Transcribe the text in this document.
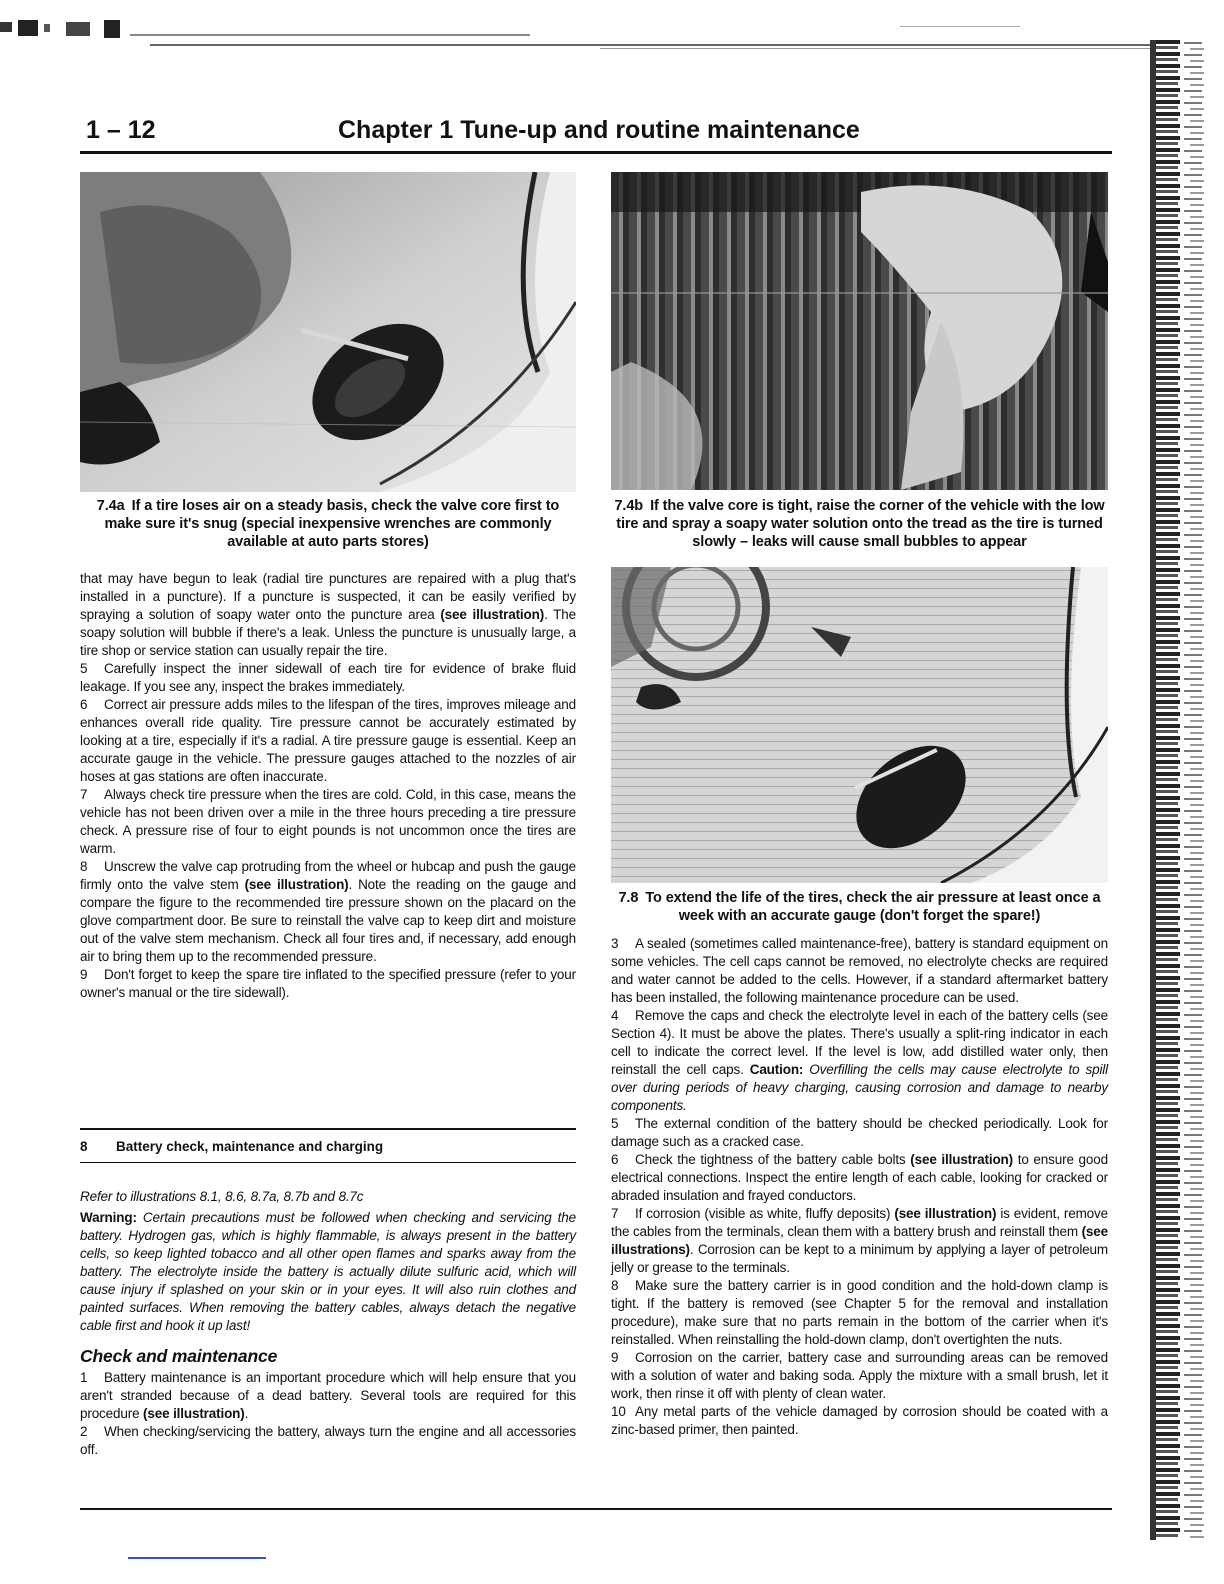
1 – 12	Chapter 1 Tune-up and routine maintenance
7.4a If a tire loses air on a steady basis, check the valve core first to make sure it's snug (special inexpensive wrenches are commonly available at auto parts stores)
7.4b If the valve core is tight, raise the corner of the vehicle with the low tire and spray a soapy water solution onto the tread as the tire is turned slowly – leaks will cause small bubbles to appear
7.8 To extend the life of the tires, check the air pressure at least once a week with an accurate gauge (don't forget the spare!)

that may have begun to leak (radial tire punctures are repaired with a plug that's installed in a puncture). If a puncture is suspected, it can be easily verified by spraying a solution of soapy water onto the puncture area (see illustration). The soapy solution will bubble if there's a leak. Unless the puncture is unusually large, a tire shop or service station can usually repair the tire.

5 Carefully inspect the inner sidewall of each tire for evidence of brake fluid leakage. If you see any, inspect the brakes immediately.

6 Correct air pressure adds miles to the lifespan of the tires, improves mileage and enhances overall ride quality. Tire pressure cannot be accurately estimated by looking at a tire, especially if it's a radial. A tire pressure gauge is essential. Keep an accurate gauge in the vehicle. The pressure gauges attached to the nozzles of air hoses at gas stations are often inaccurate.

7 Always check tire pressure when the tires are cold. Cold, in this case, means the vehicle has not been driven over a mile in the three hours preceding a tire pressure check. A pressure rise of four to eight pounds is not uncommon once the tires are warm.

8 Unscrew the valve cap protruding from the wheel or hubcap and push the gauge firmly onto the valve stem (see illustration). Note the reading on the gauge and compare the figure to the recommended tire pressure shown on the placard on the glove compartment door. Be sure to reinstall the valve cap to keep dirt and moisture out of the valve stem mechanism. Check all four tires and, if necessary, add enough air to bring them up to the recommended pressure.

9 Don't forget to keep the spare tire inflated to the specified pressure (refer to your owner's manual or the tire sidewall).

8 Battery check, maintenance and charging

Refer to illustrations 8.1, 8.6, 8.7a, 8.7b and 8.7c

Warning: Certain precautions must be followed when checking and servicing the battery. Hydrogen gas, which is highly flammable, is always present in the battery cells, so keep lighted tobacco and all other open flames and sparks away from the battery. The electrolyte inside the battery is actually dilute sulfuric acid, which will cause injury if splashed on your skin or in your eyes. It will also ruin clothes and painted surfaces. When removing the battery cables, always detach the negative cable first and hook it up last!

Check and maintenance

1 Battery maintenance is an important procedure which will help ensure that you aren't stranded because of a dead battery. Several tools are required for this procedure (see illustration).

2 When checking/servicing the battery, always turn the engine and all accessories off.

3 A sealed (sometimes called maintenance-free), battery is standard equipment on some vehicles. The cell caps cannot be removed, no electrolyte checks are required and water cannot be added to the cells. However, if a standard aftermarket battery has been installed, the following maintenance procedure can be used.

4 Remove the caps and check the electrolyte level in each of the battery cells (see Section 4). It must be above the plates. There's usually a split-ring indicator in each cell to indicate the correct level. If the level is low, add distilled water only, then reinstall the cell caps. Caution: Overfilling the cells may cause electrolyte to spill over during periods of heavy charging, causing corrosion and damage to nearby components.

5 The external condition of the battery should be checked periodically. Look for damage such as a cracked case.

6 Check the tightness of the battery cable bolts (see illustration) to ensure good electrical connections. Inspect the entire length of each cable, looking for cracked or abraded insulation and frayed conductors.

7 If corrosion (visible as white, fluffy deposits) (see illustration) is evident, remove the cables from the terminals, clean them with a battery brush and reinstall them (see illustrations). Corrosion can be kept to a minimum by applying a layer of petroleum jelly or grease to the terminals.

8 Make sure the battery carrier is in good condition and the hold-down clamp is tight. If the battery is removed (see Chapter 5 for the removal and installation procedure), make sure that no parts remain in the bottom of the carrier when it's reinstalled. When reinstalling the hold-down clamp, don't overtighten the nuts.

9 Corrosion on the carrier, battery case and surrounding areas can be removed with a solution of water and baking soda. Apply the mixture with a small brush, let it work, then rinse it off with plenty of clean water.

10 Any metal parts of the vehicle damaged by corrosion should be coated with a zinc-based primer, then painted.
